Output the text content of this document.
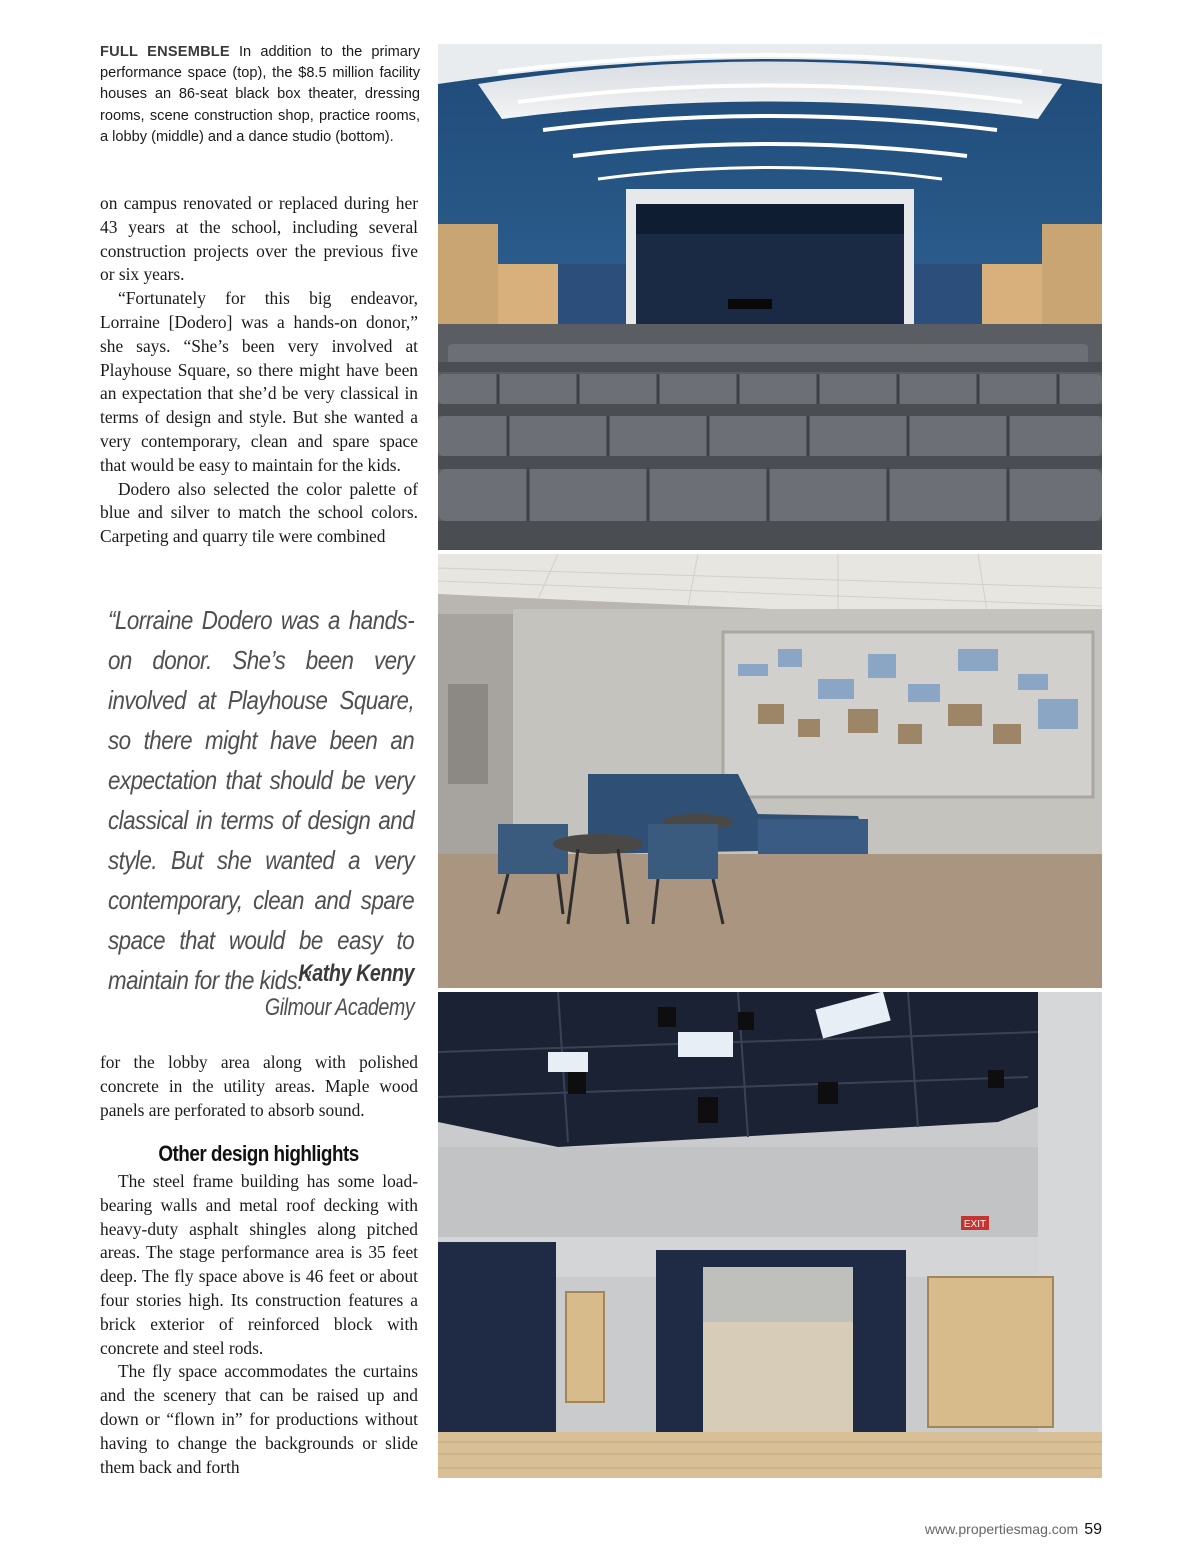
FULL ENSEMBLE In addition to the primary performance space (top), the $8.5 million facility houses an 86-seat black box theater, dressing rooms, scene construction shop, practice rooms, a lobby (middle) and a dance studio (bottom).

on campus renovated or replaced during her 43 years at the school, including several construction projects over the previous five or six years.

“Fortunately for this big endeavor, Lorraine [Dodero] was a hands-on donor,” she says. “She’s been very involved at Playhouse Square, so there might have been an expectation that she’d be very classical in terms of design and style. But she wanted a very contemporary, clean and spare space that would be easy to maintain for the kids.

Dodero also selected the color palette of blue and silver to match the school colors. Carpeting and quarry tile were combined

“Lorraine Dodero was a hands-on donor. She’s been very involved at Playhouse Square, so there might have been an expectation that should be very classical in terms of design and style. But she wanted a very contemporary, clean and spare space that would be easy to maintain for the kids.”
Kathy Kenny
Gilmour Academy

for the lobby area along with polished concrete in the utility areas. Maple wood panels are perforated to absorb sound.

Other design highlights

The steel frame building has some load-bearing walls and metal roof decking with heavy-duty asphalt shingles along pitched areas. The stage performance area is 35 feet deep. The fly space above is 46 feet or about four stories high. Its construction features a brick exterior of reinforced block with concrete and steel rods.

The fly space accommodates the curtains and the scenery that can be raised up and down or “flown in” for productions without having to change the backgrounds or slide them back and forth

EXIT
www.propertiesmag.com 59
